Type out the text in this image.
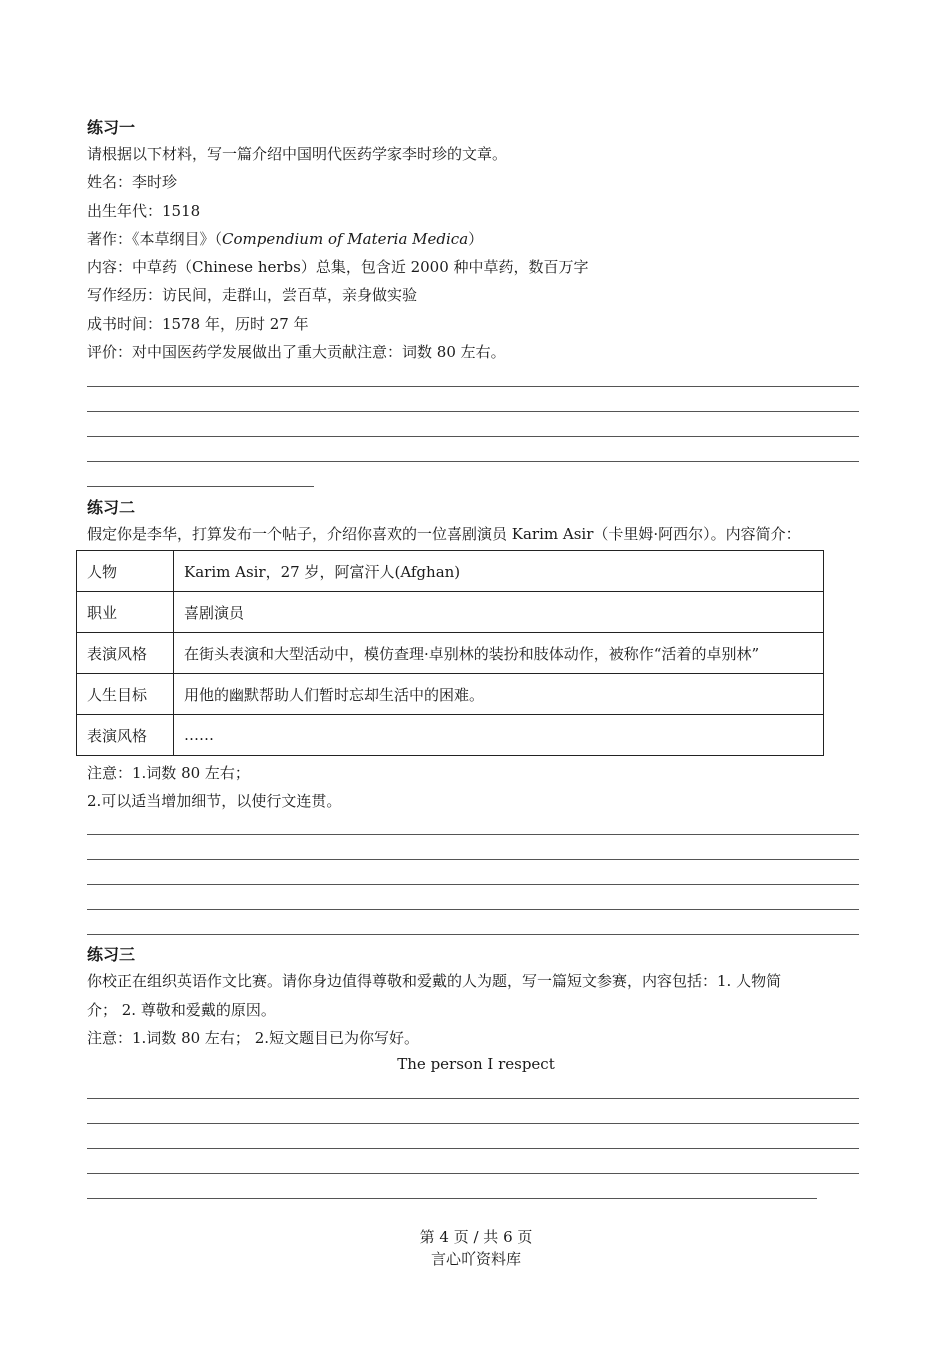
练习一
请根据以下材料，写一篇介绍中国明代医药学家李时珍的文章。
姓名：李时珍
出生年代：1518
著作：《本草纲目》（Compendium of Materia Medica）
内容：中草药（Chinese herbs）总集，包含近 2000 种中草药，数百万字
写作经历：访民间，走群山，尝百草，亲身做实验
成书时间：1578 年，历时 27 年
评价：对中国医药学发展做出了重大贡献注意：词数 80 左右。
练习二
假定你是李华，打算发布一个帖子，介绍你喜欢的一位喜剧演员 Karim Asir（卡里姆·阿西尔）。内容简介：
人物	Karim Asir，27 岁，阿富汗人(Afghan)
职业	喜剧演员
表演风格	在街头表演和大型活动中，模仿查理·卓别林的装扮和肢体动作，被称作“活着的卓别林”
人生目标	用他的幽默帮助人们暂时忘却生活中的困难。
表演风格	……
注意：1.词数 80 左右；
2.可以适当增加细节，以使行文连贯。
练习三
你校正在组织英语作文比赛。请你身边值得尊敬和爱戴的人为题，写一篇短文参赛，内容包括：1. 人物简
介； 2. 尊敬和爱戴的原因。
注意：1.词数 80 左右； 2.短文题目已为你写好。
The person I respect
第 4 页 / 共 6 页
言心吖资料库
